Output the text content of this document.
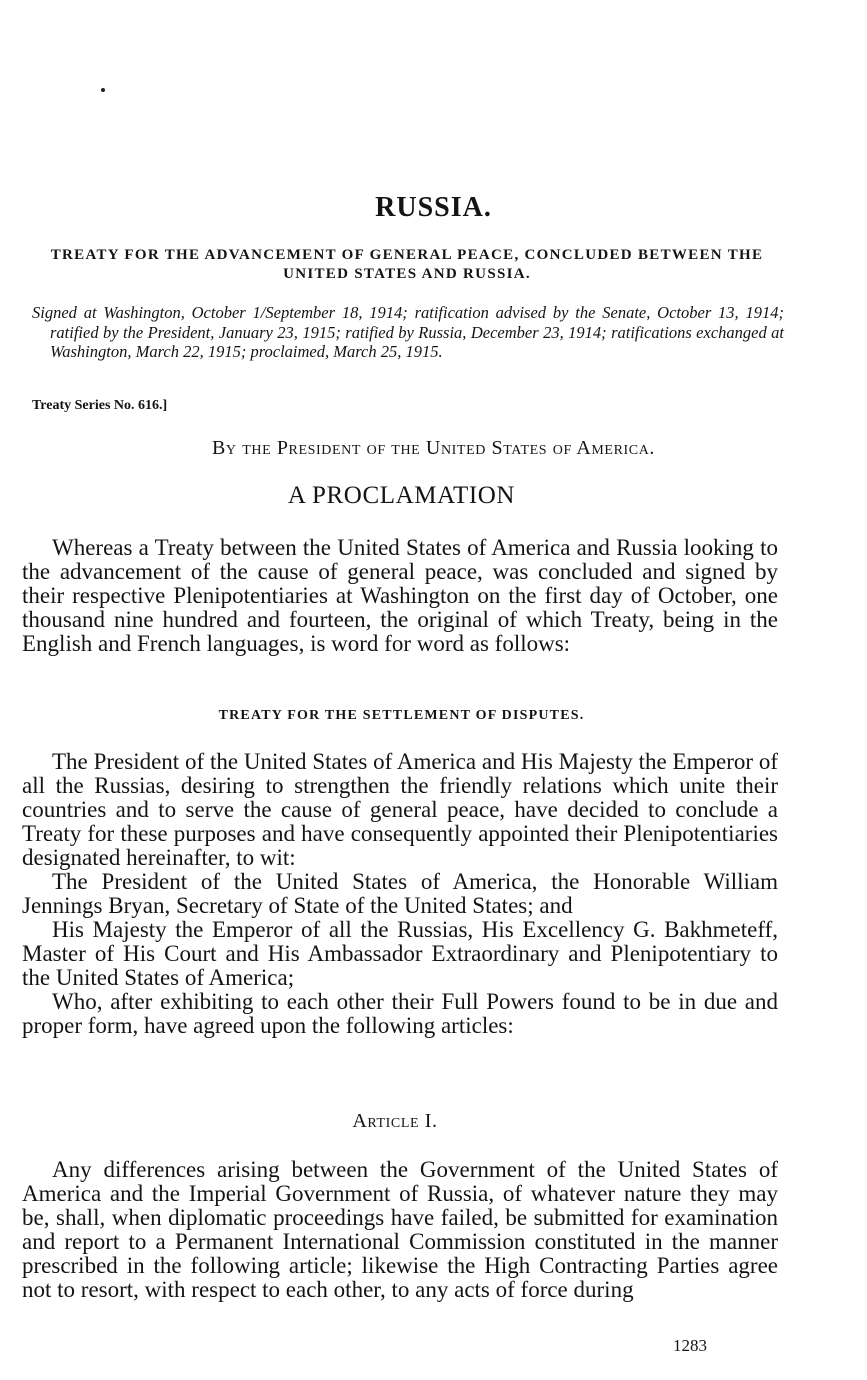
RUSSIA.
TREATY FOR THE ADVANCEMENT OF GENERAL PEACE, CONCLUDED BETWEEN THE UNITED STATES AND RUSSIA.

Signed at Washington, October 1/September 18, 1914; ratification advised by the Senate, October 13, 1914; ratified by the President, January 23, 1915; ratified by Russia, December 23, 1914; ratifications exchanged at Washington, March 22, 1915; proclaimed, March 25, 1915.

Treaty Series No. 616.]
By the President of the United States of America.
A PROCLAMATION

Whereas a Treaty between the United States of America and Russia looking to the advancement of the cause of general peace, was concluded and signed by their respective Plenipotentiaries at Washington on the first day of October, one thousand nine hundred and fourteen, the original of which Treaty, being in the English and French languages, is word for word as follows:

TREATY FOR THE SETTLEMENT OF DISPUTES.

The President of the United States of America and His Majesty the Emperor of all the Russias, desiring to strengthen the friendly relations which unite their countries and to serve the cause of general peace, have decided to conclude a Treaty for these purposes and have consequently appointed their Plenipotentiaries designated hereinafter, to wit:

The President of the United States of America, the Honorable William Jennings Bryan, Secretary of State of the United States; and

His Majesty the Emperor of all the Russias, His Excellency G. Bakhmeteff, Master of His Court and His Ambassador Extraordinary and Plenipotentiary to the United States of America;

Who, after exhibiting to each other their Full Powers found to be in due and proper form, have agreed upon the following articles:

Article I.

Any differences arising between the Government of the United States of America and the Imperial Government of Russia, of whatever nature they may be, shall, when diplomatic proceedings have failed, be submitted for examination and report to a Permanent International Commission constituted in the manner prescribed in the following article; likewise the High Contracting Parties agree not to resort, with respect to each other, to any acts of force during

1283
